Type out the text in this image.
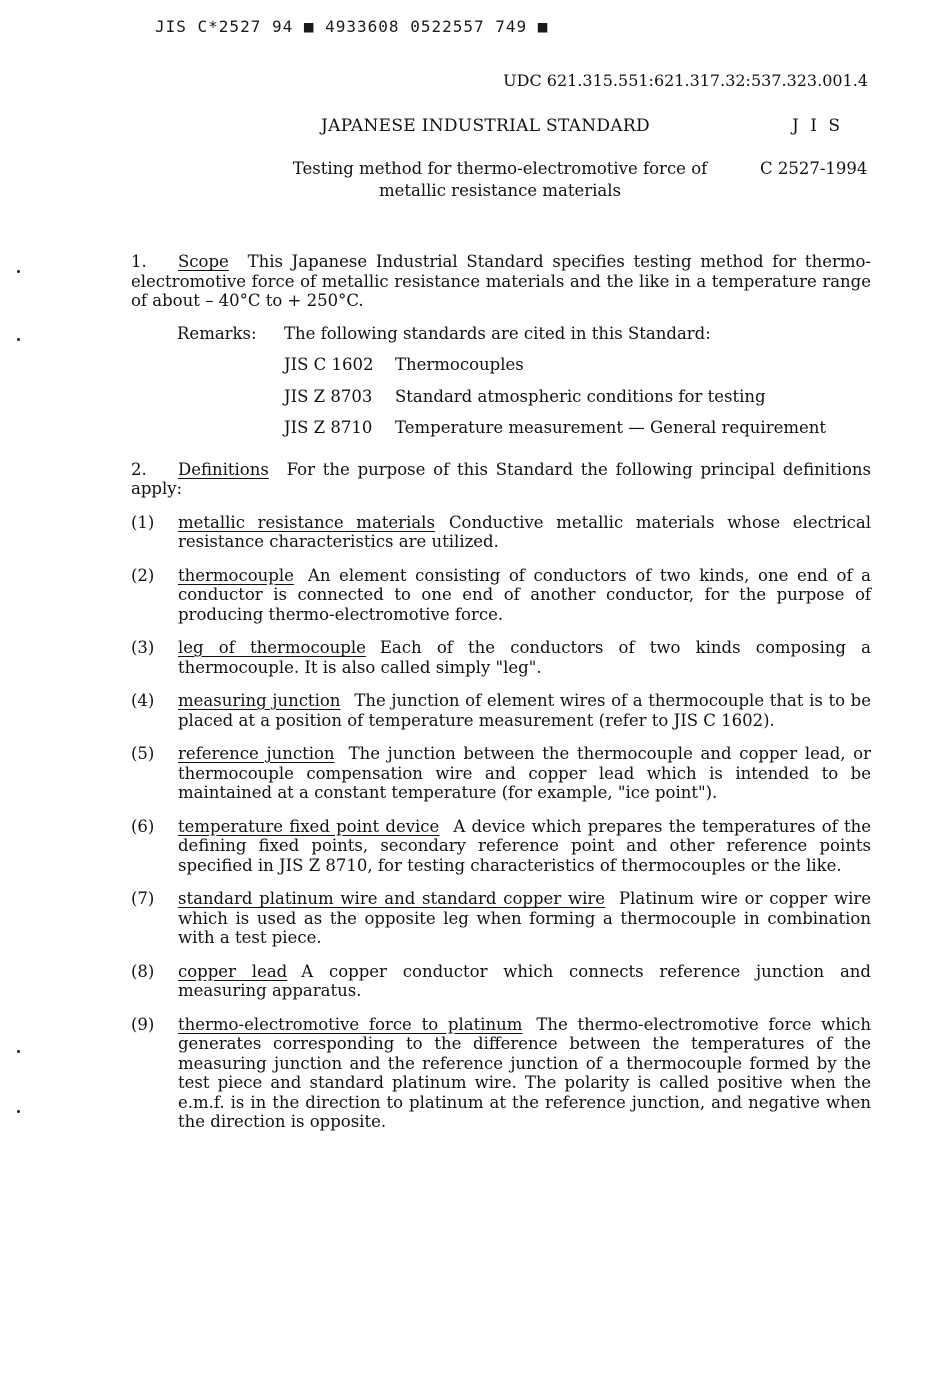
JIS C*2527 94 ■ 4933608 0522557 749 ■
UDC 621.315.551:621.317.32:537.323.001.4
JAPANESE INDUSTRIAL STANDARD	J I S
Testing method for thermo-electromotive force of
metallic resistance materials
C 2527-1994

1. Scope This Japanese Industrial Standard specifies testing method for thermo-electromotive force of metallic resistance materials and the like in a temperature range of about – 40°C to + 250°C.

Remarks:	The following standards are cited in this Standard:
JIS C 1602	Thermocouples
JIS Z 8703	Standard atmospheric conditions for testing
JIS Z 8710	Temperature measurement — General requirement

2. Definitions For the purpose of this Standard the following principal definitions apply:

(1)	metallic resistance materials Conductive metallic materials whose electrical resistance characteristics are utilized.
(2)	thermocouple An element consisting of conductors of two kinds, one end of a conductor is connected to one end of another conductor, for the purpose of producing thermo-electromotive force.
(3)	leg of thermocouple Each of the conductors of two kinds composing a thermocouple. It is also called simply "leg".
(4)	measuring junction The junction of element wires of a thermocouple that is to be placed at a position of temperature measurement (refer to JIS C 1602).
(5)	reference junction The junction between the thermocouple and copper lead, or thermocouple compensation wire and copper lead which is intended to be maintained at a constant temperature (for example, "ice point").
(6)	temperature fixed point device A device which prepares the temperatures of the defining fixed points, secondary reference point and other reference points specified in JIS Z 8710, for testing characteristics of thermocouples or the like.
(7)	standard platinum wire and standard copper wire Platinum wire or copper wire which is used as the opposite leg when forming a thermocouple in combination with a test piece.
(8)	copper lead A copper conductor which connects reference junction and measuring apparatus.
(9)	thermo-electromotive force to platinum The thermo-electromotive force which generates corresponding to the difference between the temperatures of the measuring junction and the reference junction of a thermocouple formed by the test piece and standard platinum wire. The polarity is called positive when the e.m.f. is in the direction to platinum at the reference junction, and negative when the direction is opposite.
